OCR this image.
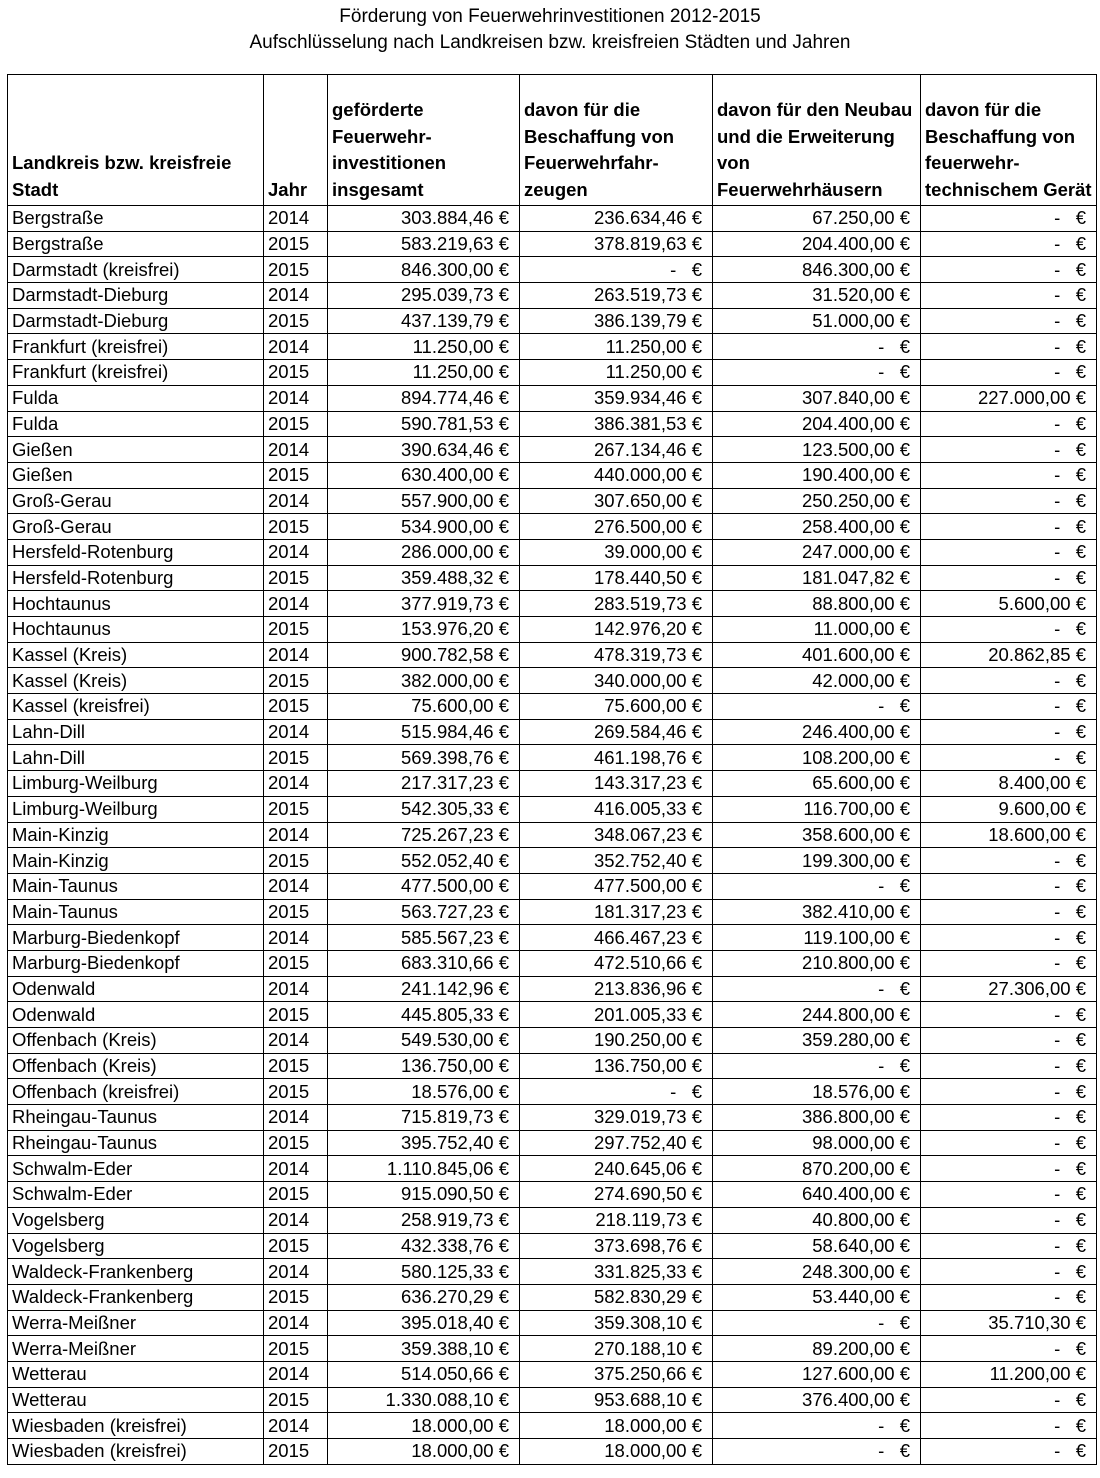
Förderung von Feuerwehrinvestitionen 2012-2015
Aufschlüsselung nach Landkreisen bzw. kreisfreien Städten und Jahren
Landkreis bzw. kreisfreie Stadt	Jahr	geförderte Feuerwehr-investitionen insgesamt	davon für die Beschaffung von Feuerwehrfahr-zeugen	davon für den Neubau und die Erweiterung von Feuerwehrhäusern	davon für die Beschaffung von feuerwehr-technischem Gerät
Bergstraße	2014	303.884,46 €	236.634,46 €	67.250,00 €	-   €
Bergstraße	2015	583.219,63 €	378.819,63 €	204.400,00 €	-   €
Darmstadt (kreisfrei)	2015	846.300,00 €	-   €	846.300,00 €	-   €
Darmstadt-Dieburg	2014	295.039,73 €	263.519,73 €	31.520,00 €	-   €
Darmstadt-Dieburg	2015	437.139,79 €	386.139,79 €	51.000,00 €	-   €
Frankfurt (kreisfrei)	2014	11.250,00 €	11.250,00 €	-   €	-   €
Frankfurt (kreisfrei)	2015	11.250,00 €	11.250,00 €	-   €	-   €
Fulda	2014	894.774,46 €	359.934,46 €	307.840,00 €	227.000,00 €
Fulda	2015	590.781,53 €	386.381,53 €	204.400,00 €	-   €
Gießen	2014	390.634,46 €	267.134,46 €	123.500,00 €	-   €
Gießen	2015	630.400,00 €	440.000,00 €	190.400,00 €	-   €
Groß-Gerau	2014	557.900,00 €	307.650,00 €	250.250,00 €	-   €
Groß-Gerau	2015	534.900,00 €	276.500,00 €	258.400,00 €	-   €
Hersfeld-Rotenburg	2014	286.000,00 €	39.000,00 €	247.000,00 €	-   €
Hersfeld-Rotenburg	2015	359.488,32 €	178.440,50 €	181.047,82 €	-   €
Hochtaunus	2014	377.919,73 €	283.519,73 €	88.800,00 €	5.600,00 €
Hochtaunus	2015	153.976,20 €	142.976,20 €	11.000,00 €	-   €
Kassel (Kreis)	2014	900.782,58 €	478.319,73 €	401.600,00 €	20.862,85 €
Kassel (Kreis)	2015	382.000,00 €	340.000,00 €	42.000,00 €	-   €
Kassel (kreisfrei)	2015	75.600,00 €	75.600,00 €	-   €	-   €
Lahn-Dill	2014	515.984,46 €	269.584,46 €	246.400,00 €	-   €
Lahn-Dill	2015	569.398,76 €	461.198,76 €	108.200,00 €	-   €
Limburg-Weilburg	2014	217.317,23 €	143.317,23 €	65.600,00 €	8.400,00 €
Limburg-Weilburg	2015	542.305,33 €	416.005,33 €	116.700,00 €	9.600,00 €
Main-Kinzig	2014	725.267,23 €	348.067,23 €	358.600,00 €	18.600,00 €
Main-Kinzig	2015	552.052,40 €	352.752,40 €	199.300,00 €	-   €
Main-Taunus	2014	477.500,00 €	477.500,00 €	-   €	-   €
Main-Taunus	2015	563.727,23 €	181.317,23 €	382.410,00 €	-   €
Marburg-Biedenkopf	2014	585.567,23 €	466.467,23 €	119.100,00 €	-   €
Marburg-Biedenkopf	2015	683.310,66 €	472.510,66 €	210.800,00 €	-   €
Odenwald	2014	241.142,96 €	213.836,96 €	-   €	27.306,00 €
Odenwald	2015	445.805,33 €	201.005,33 €	244.800,00 €	-   €
Offenbach (Kreis)	2014	549.530,00 €	190.250,00 €	359.280,00 €	-   €
Offenbach (Kreis)	2015	136.750,00 €	136.750,00 €	-   €	-   €
Offenbach (kreisfrei)	2015	18.576,00 €	-   €	18.576,00 €	-   €
Rheingau-Taunus	2014	715.819,73 €	329.019,73 €	386.800,00 €	-   €
Rheingau-Taunus	2015	395.752,40 €	297.752,40 €	98.000,00 €	-   €
Schwalm-Eder	2014	1.110.845,06 €	240.645,06 €	870.200,00 €	-   €
Schwalm-Eder	2015	915.090,50 €	274.690,50 €	640.400,00 €	-   €
Vogelsberg	2014	258.919,73 €	218.119,73 €	40.800,00 €	-   €
Vogelsberg	2015	432.338,76 €	373.698,76 €	58.640,00 €	-   €
Waldeck-Frankenberg	2014	580.125,33 €	331.825,33 €	248.300,00 €	-   €
Waldeck-Frankenberg	2015	636.270,29 €	582.830,29 €	53.440,00 €	-   €
Werra-Meißner	2014	395.018,40 €	359.308,10 €	-   €	35.710,30 €
Werra-Meißner	2015	359.388,10 €	270.188,10 €	89.200,00 €	-   €
Wetterau	2014	514.050,66 €	375.250,66 €	127.600,00 €	11.200,00 €
Wetterau	2015	1.330.088,10 €	953.688,10 €	376.400,00 €	-   €
Wiesbaden (kreisfrei)	2014	18.000,00 €	18.000,00 €	-   €	-   €
Wiesbaden (kreisfrei)	2015	18.000,00 €	18.000,00 €	-   €	-   €
